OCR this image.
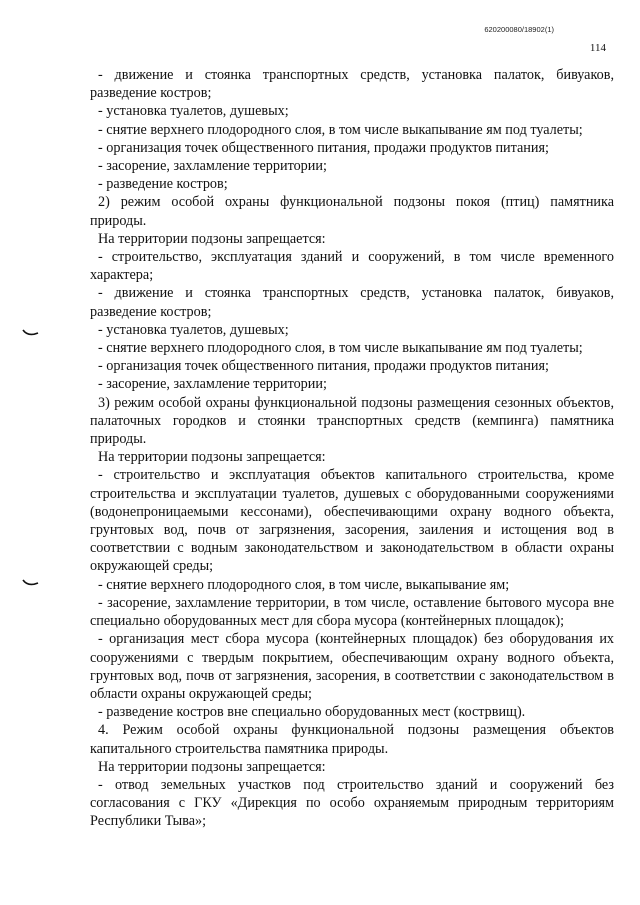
620200080/18902(1)
114

- движение и стоянка транспортных средств, установка палаток, бивуаков, разведение костров;

- установка туалетов, душевых;

- снятие верхнего плодородного слоя, в том числе выкапывание ям под туалеты;

- организация точек общественного питания, продажи продуктов питания;

- засорение, захламление территории;

- разведение костров;

2) режим особой охраны функциональной подзоны покоя (птиц) памятника природы.

На территории подзоны запрещается:

- строительство, эксплуатация зданий и сооружений, в том числе временного характера;

- движение и стоянка транспортных средств, установка палаток, бивуаков, разведение костров;

- установка туалетов, душевых;

- снятие верхнего плодородного слоя, в том числе выкапывание ям под туалеты;

- организация точек общественного питания, продажи продуктов питания;

- засорение, захламление территории;

3) режим особой охраны функциональной подзоны размещения сезонных объектов, палаточных городков и стоянки транспортных средств (кемпинга) памятника природы.

На территории подзоны запрещается:

- строительство и эксплуатация объектов капитального строительства, кроме строительства и эксплуатации туалетов, душевых с оборудованными сооружениями (водонепроницаемыми кессонами), обеспечивающими охрану водного объекта, грунтовых вод, почв от загрязнения, засорения, заиления и истощения вод в соответствии с водным законодательством и законодательством в области охраны окружающей среды;

- снятие верхнего плодородного слоя, в том числе, выкапывание ям;

- засорение, захламление территории, в том числе, оставление бытового мусора вне специально оборудованных мест для сбора мусора (контейнерных площадок);

- организация мест сбора мусора (контейнерных площадок) без оборудования их сооружениями с твердым покрытием, обеспечивающим охрану водного объекта, грунтовых вод, почв от загрязнения, засорения, в соответствии с законодательством в области охраны окружающей среды;

- разведение костров вне специально оборудованных мест (кострвищ).

4. Режим особой охраны функциональной подзоны размещения объектов капитального строительства памятника природы.

На территории подзоны запрещается:

- отвод земельных участков под строительство зданий и сооружений без согласования с ГКУ «Дирекция по особо охраняемым природным территориям Республики Тыва»;
